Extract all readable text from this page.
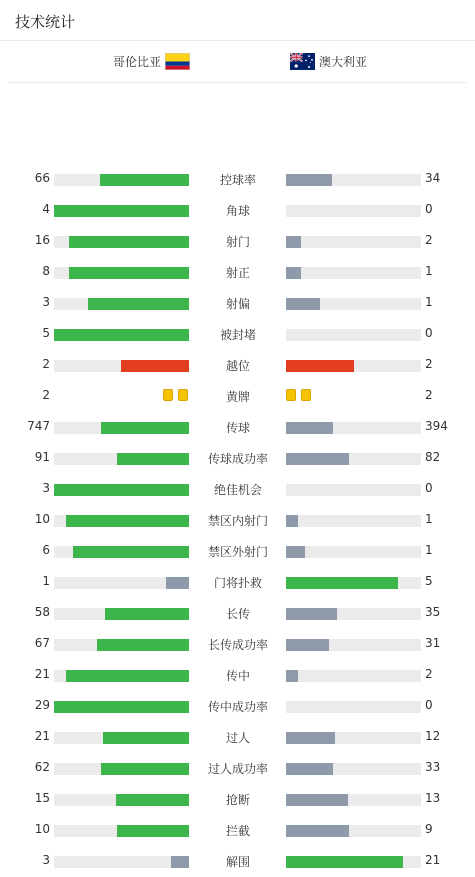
技术统计
哥伦比亚	澳大利亚
66	控球率	34
4	角球	0
16	射门	2
8	射正	1
3	射偏	1
5	被封堵	0
2	越位	2
2	黄牌	2
747	传球	394
91	传球成功率	82
3	绝佳机会	0
10	禁区内射门	1
6	禁区外射门	1
1	门将扑救	5
58	长传	35
67	长传成功率	31
21	传中	2
29	传中成功率	0
21	过人	12
62	过人成功率	33
15	抢断	13
10	拦截	9
3	解围	21
